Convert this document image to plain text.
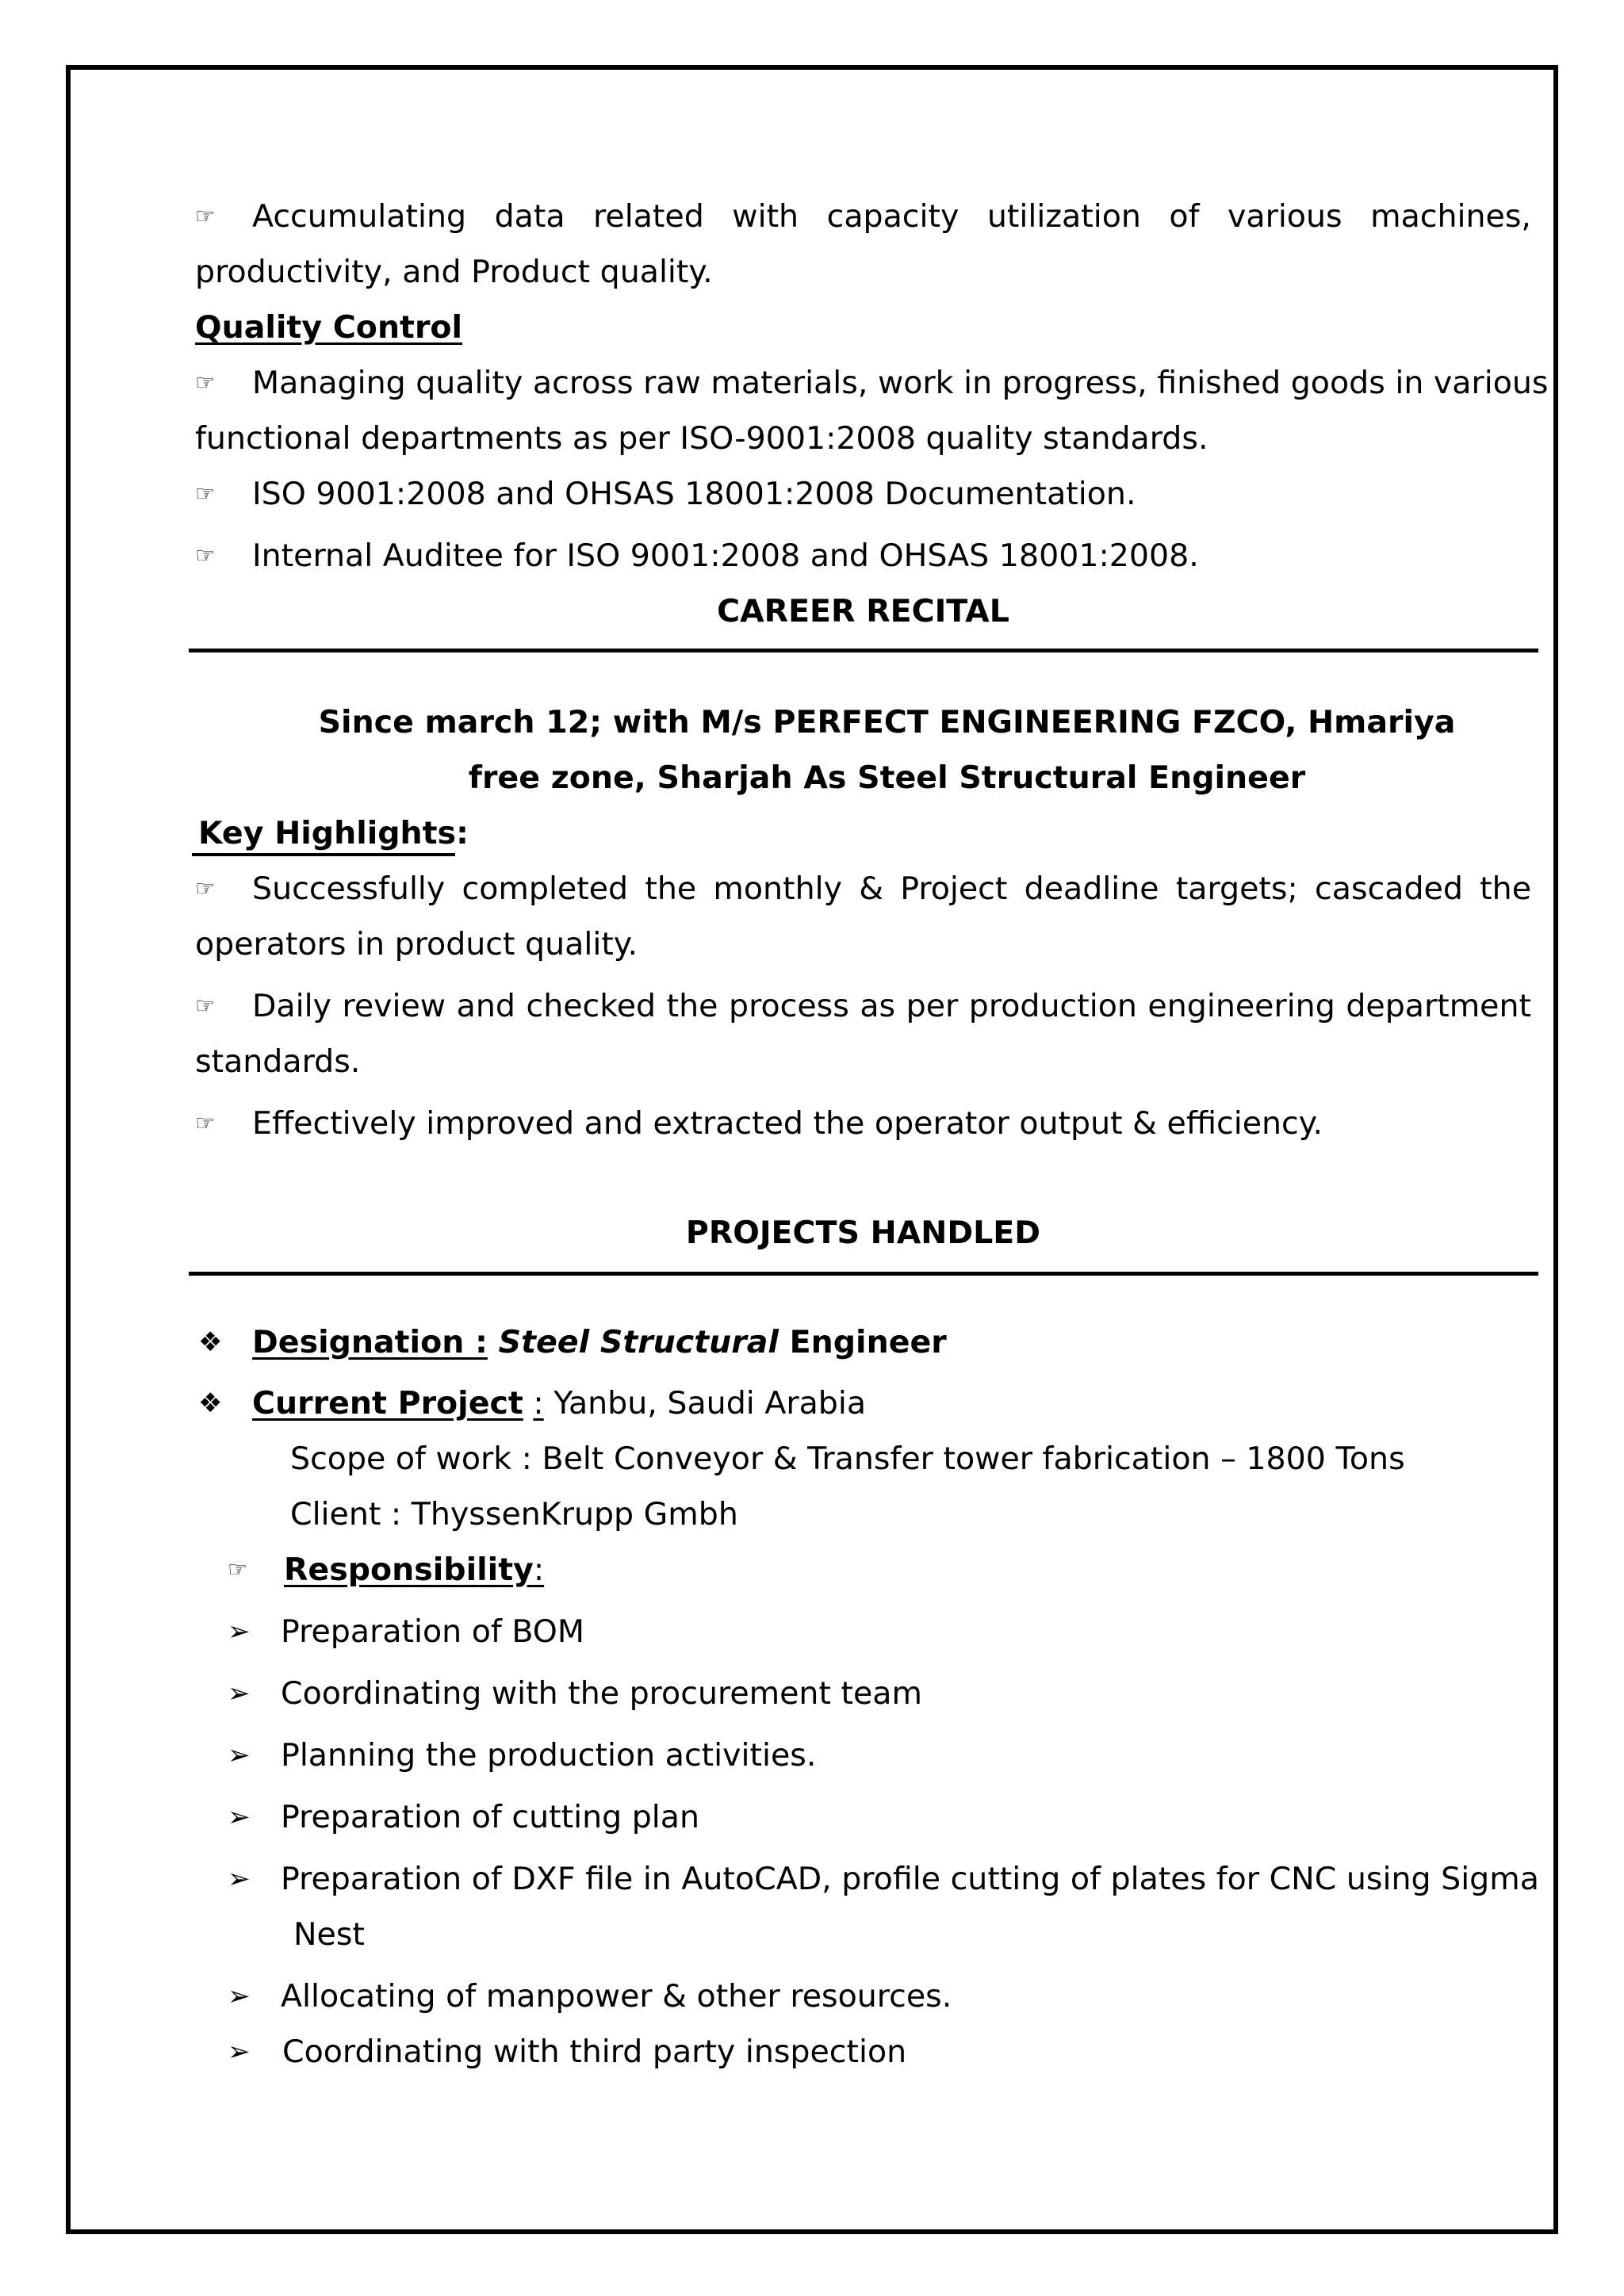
☞ Accumulating data related with capacity utilization of various machines,
productivity, and Product quality.
Quality Control
☞ Managing quality across raw materials, work in progress, finished goods in various
functional departments as per ISO-9001:2008 quality standards.
☞ ISO 9001:2008 and OHSAS 18001:2008 Documentation.
☞ Internal Auditee for ISO 9001:2008 and OHSAS 18001:2008.
CAREER RECITAL
Since march 12; with M/s PERFECT ENGINEERING FZCO, Hmariya
free zone, Sharjah As Steel Structural Engineer
Key Highlights:
☞ Successfully completed the monthly & Project deadline targets; cascaded the
operators in product quality.
☞ Daily review and checked the process as per production engineering department
standards.
☞ Effectively improved and extracted the operator output & efficiency.
PROJECTS HANDLED
❖ Designation : Steel Structural Engineer
❖ Current Project : Yanbu, Saudi Arabia
Scope of work : Belt Conveyor & Transfer tower fabrication – 1800 Tons
Client : ThyssenKrupp Gmbh
☞ Responsibility:
➢ Preparation of BOM
➢ Coordinating with the procurement team
➢ Planning the production activities.
➢ Preparation of cutting plan
➢ Preparation of DXF file in AutoCAD, profile cutting of plates for CNC using Sigma
Nest
➢ Allocating of manpower & other resources.
➢ Coordinating with third party inspection
